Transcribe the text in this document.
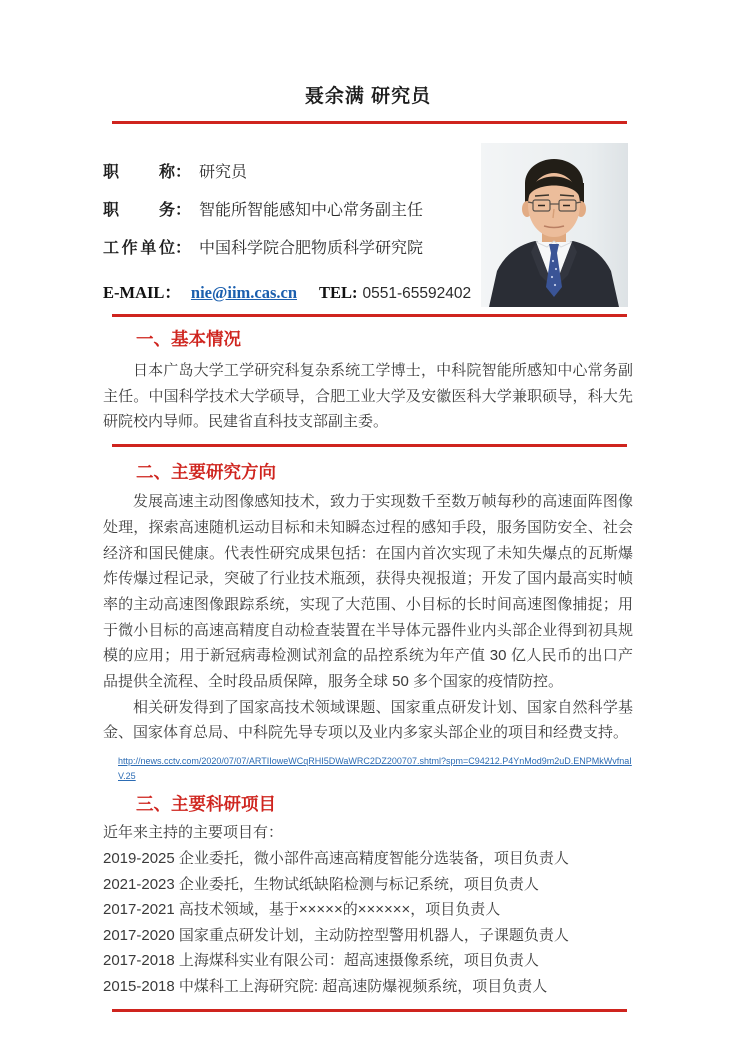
聂余满 研究员
职称： 研究员
职务： 智能所智能感知中心常务副主任
工作单位： 中国科学院合肥物质科学研究院
E-MAIL： nie@iim.cas.cn TEL: 0551-65592402
一、基本情况
日本广岛大学工学研究科复杂系统工学博士，中科院智能所感知中心常务副主任。中国科学技术大学硕导，合肥工业大学及安徽医科大学兼职硕导，科大先研院校内导师。民建省直科技支部副主委。
二、主要研究方向
发展高速主动图像感知技术，致力于实现数千至数万帧每秒的高速面阵图像处理，探索高速随机运动目标和未知瞬态过程的感知手段，服务国防安全、社会经济和国民健康。代表性研究成果包括：在国内首次实现了未知失爆点的瓦斯爆炸传爆过程记录，突破了行业技术瓶颈，获得央视报道；开发了国内最高实时帧率的主动高速图像跟踪系统，实现了大范围、小目标的长时间高速图像捕捉；用于微小目标的高速高精度自动检查装置在半导体元器件业内头部企业得到初具规模的应用；用于新冠病毒检测试剂盒的品控系统为年产值 30 亿人民币的出口产品提供全流程、全时段品质保障，服务全球 50 多个国家的疫情防控。
相关研发得到了国家高技术领域课题、国家重点研发计划、国家自然科学基金、国家体育总局、中科院先导专项以及业内多家头部企业的项目和经费支持。
http://news.cctv.com/2020/07/07/ARTIIoweWCqRHI5DWaWRC2DZ200707.shtml?spm=C94212.P4YnMod9m2uD.ENPMkWvfnaIV.25
三、主要科研项目
近年来主持的主要项目有：
2019-2025 企业委托，微小部件高速高精度智能分选装备，项目负责人
2021-2023 企业委托，生物试纸缺陷检测与标记系统，项目负责人
2017-2021 高技术领域，基于×××××的××××××，项目负责人
2017-2020 国家重点研发计划，主动防控型警用机器人，子课题负责人
2017-2018 上海煤科实业有限公司：超高速摄像系统，项目负责人
2015-2018 中煤科工上海研究院: 超高速防爆视频系统，项目负责人
